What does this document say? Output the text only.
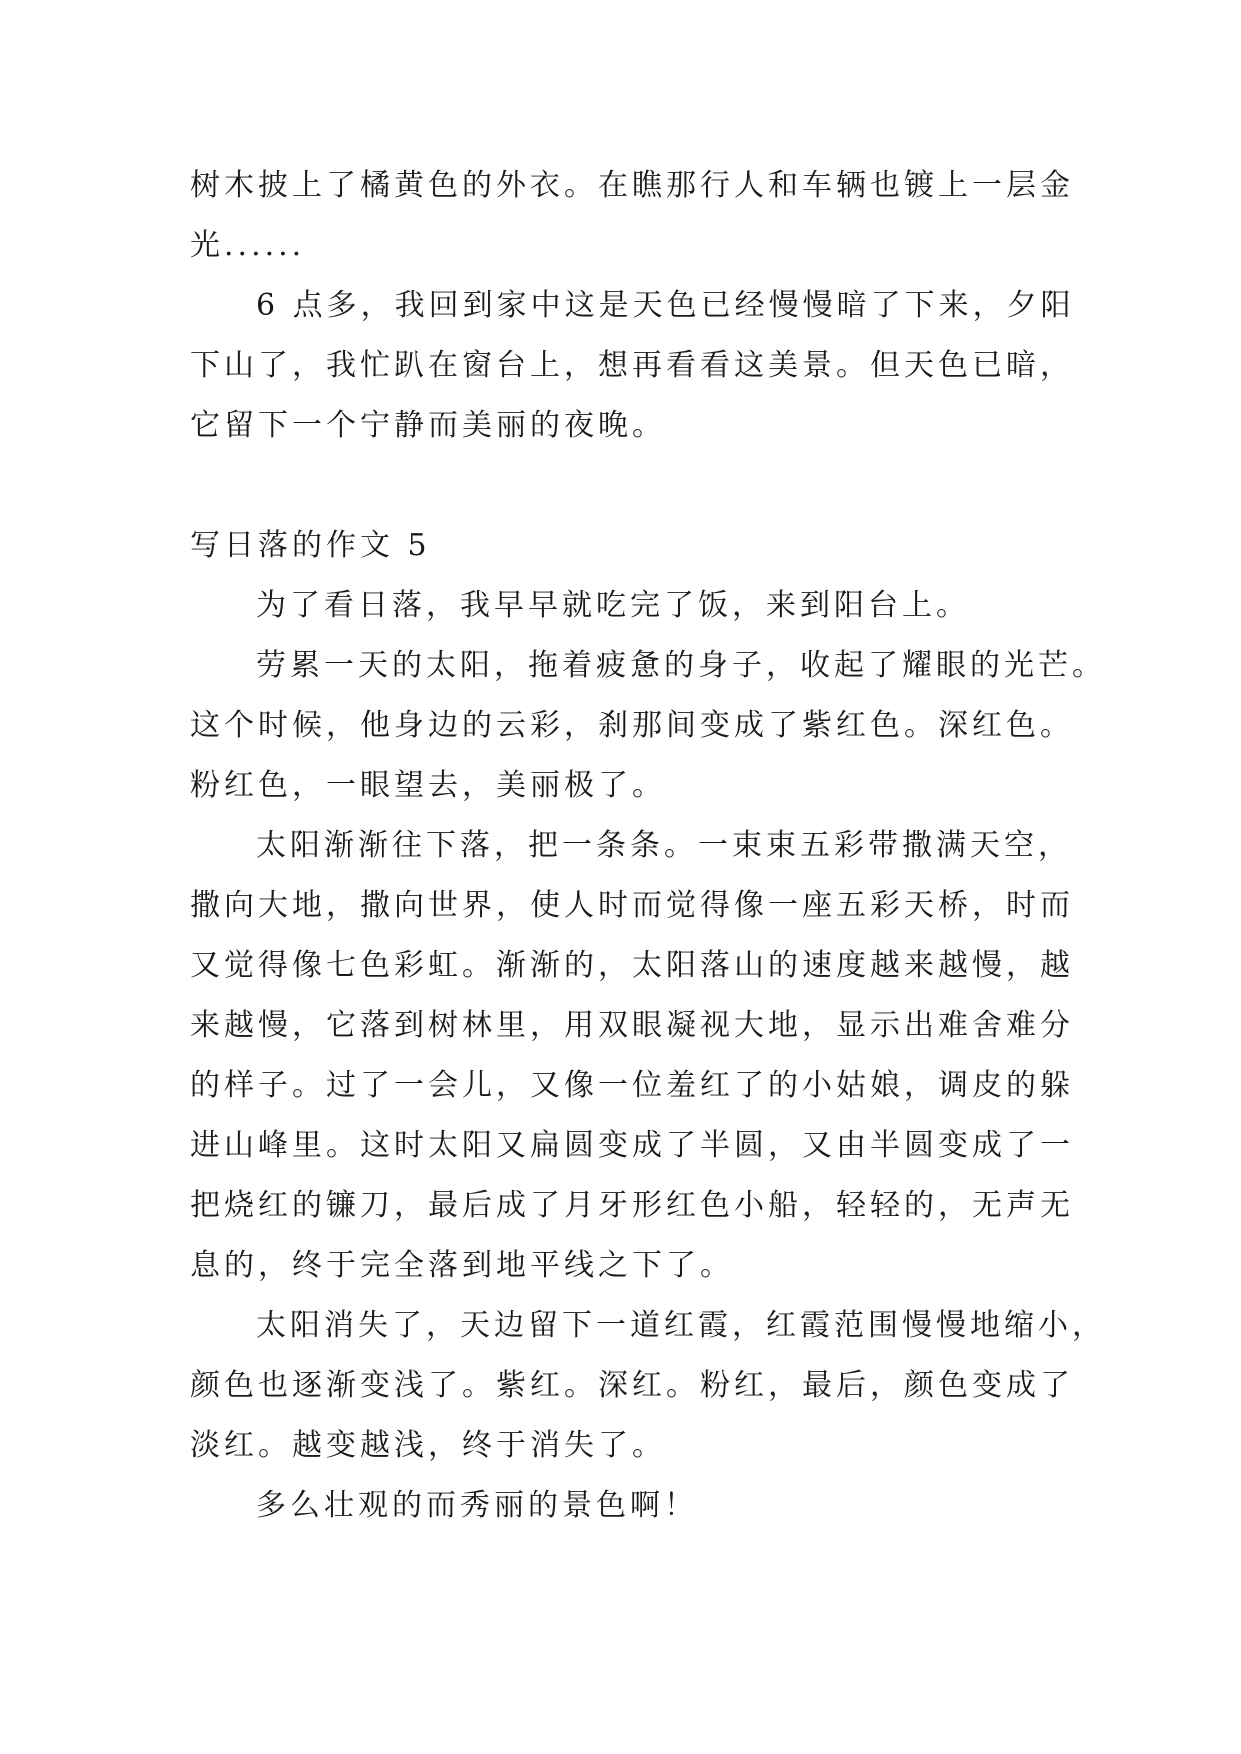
树木披上了橘黄色的外衣。在瞧那行人和车辆也镀上一层金
光......
6 点多，我回到家中这是天色已经慢慢暗了下来，夕阳
下山了，我忙趴在窗台上，想再看看这美景。但天色已暗，
它留下一个宁静而美丽的夜晚。
写日落的作文 5
为了看日落，我早早就吃完了饭，来到阳台上。
劳累一天的太阳，拖着疲惫的身子，收起了耀眼的光芒。
这个时候，他身边的云彩，刹那间变成了紫红色。深红色。
粉红色，一眼望去，美丽极了。
太阳渐渐往下落，把一条条。一束束五彩带撒满天空，
撒向大地，撒向世界，使人时而觉得像一座五彩天桥，时而
又觉得像七色彩虹。渐渐的，太阳落山的速度越来越慢，越
来越慢，它落到树林里，用双眼凝视大地，显示出难舍难分
的样子。过了一会儿，又像一位羞红了的小姑娘，调皮的躲
进山峰里。这时太阳又扁圆变成了半圆，又由半圆变成了一
把烧红的镰刀，最后成了月牙形红色小船，轻轻的，无声无
息的，终于完全落到地平线之下了。
太阳消失了，天边留下一道红霞，红霞范围慢慢地缩小，
颜色也逐渐变浅了。紫红。深红。粉红，最后，颜色变成了
淡红。越变越浅，终于消失了。
多么壮观的而秀丽的景色啊！
